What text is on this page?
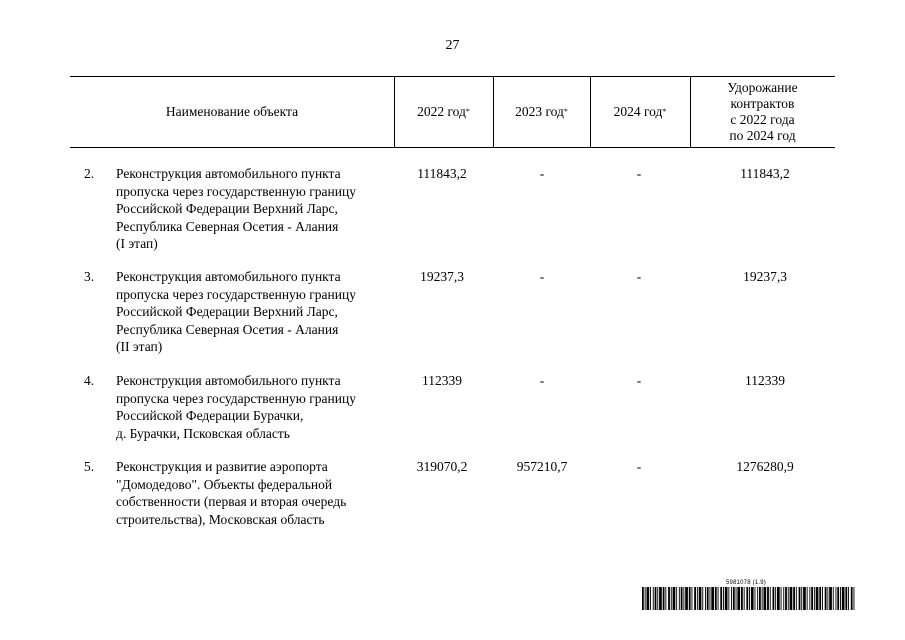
27
Наименование объекта	2022 год *	2023 год *	2024 год *
Удорожание
контрактов
с 2022 года
по 2024 год
2.	Реконструкция автомобильного пункта
пропуска через государственную границу
Российской Федерации Верхний Ларс,
Республика Северная Осетия - Алания
(I этап)
111843,2	-	-	111843,2
3.	Реконструкция автомобильного пункта
пропуска через государственную границу
Российской Федерации Верхний Ларс,
Республика Северная Осетия - Алания
(II этап)
19237,3	-	-	19237,3
4.	Реконструкция автомобильного пункта
пропуска через государственную границу
Российской Федерации Бурачки,
д. Бурачки, Псковская область
112339	-	-	112339
5.	Реконструкция и развитие аэропорта
"Домодедово". Объекты федеральной
собственности (первая и вторая очередь
строительства), Московская область
319070,2	957210,7	-	1276280,9
5981078 (1.9)
